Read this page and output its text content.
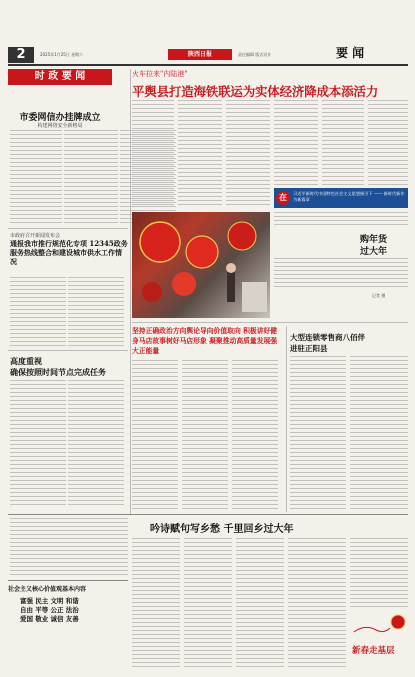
2	2025年1月25日 星期六	陕西日报	责任编辑 版式设计	要 闻
时 政 要 闻
市委网信办挂牌成立
构建网络安全新格局
市政府召开新闻发布会
通报我市推行规范化专项 12345政务服务热线整合和建设城市供水工作情况
高度重视
确保按照时间节点完成任务
火车拉来"内陆港"
平舆县打造海铁联运为实体经济降成本添活力
在	习近平新时代中国特色社会主义思想指引下 —— 新时代新作为新篇章
购年货
过大年
记者 摄
坚持正确政治方向舆论导向价值取向 积极讲好健身马店故事树好马店形象 凝聚推动高质量发展强大正能量
大型连锁零售商八佰伴
进驻正阳县
吟诗赋句写乡愁 千里回乡过大年
社会主义核心价值观基本内容
富强 民主 文明 和谐
自由 平等 公正 法治
爱国 敬业 诚信 友善
新春走基层
